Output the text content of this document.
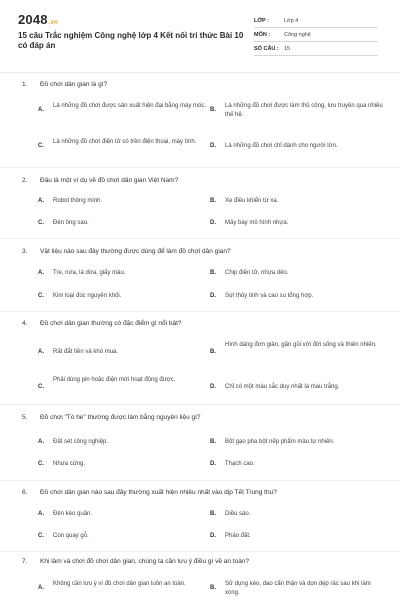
2048.vn
15 câu Trắc nghiệm Công nghệ lớp 4 Kết nối tri thức Bài 10 có đáp án
LỚP :	Lớp 4
MÔN :	Công nghệ
SỐ CÂU : 15
1. Đồ chơi dân gian là gì?
A.
Là những đồ chơi được sản xuất hiện đại bằng máy móc.
B.
Là những đồ chơi được làm thủ công, lưu truyền qua nhiều thế hệ.
C.
Là những đồ chơi điện tử có trên điện thoại, máy tính.
D. Là những đồ chơi chỉ dành cho người lớn.
2. Đâu là một ví dụ về đồ chơi dân gian Việt Nam?
A. Robot thông minh.	B. Xe điều khiển từ xa.
C. Đèn ông sao.	D. Máy bay mô hình nhựa.
3. Vật liệu nào sau đây thường được dùng để làm đồ chơi dân gian?
A. Tre, nứa, lá dừa, giấy màu.	B. Chip điện tử, nhựa dẻo.
C. Kim loại đúc nguyên khối.	D. Sợi thủy tinh và cao su tổng hợp.
4. Đồ chơi dân gian thường có đặc điểm gì nổi bật?
A. Rất đắt tiền và khó mua.	B.
Hình dáng đơn giản, gần gũi với đời sống và thiên nhiên.
C.
Phải dùng pin hoặc điện mới hoạt động được.
D. Chỉ có một màu sắc duy nhất là màu trắng.
5. Đồ chơi "Tò he" thường được làm bằng nguyên liệu gì?
A. Đất sét công nghiệp.	B. Bột gạo pha bột nếp phẩm màu tự nhiên.
C. Nhựa cứng.	D. Thạch cao.
6. Đồ chơi dân gian nào sau đây thường xuất hiện nhiều nhất vào dịp Tết Trung thu?
A. Đèn kéo quân.	B. Diều sáo.
C. Con quay gỗ.	D. Pháo đất.
7. Khi làm và chơi đồ chơi dân gian, chúng ta cần lưu ý điều gì về an toàn?
A.
Không cần lưu ý vì đồ chơi dân gian luôn an toàn.
B.
Sử dụng kéo, dao cẩn thận và dọn dẹp rác sau khi làm xong.
